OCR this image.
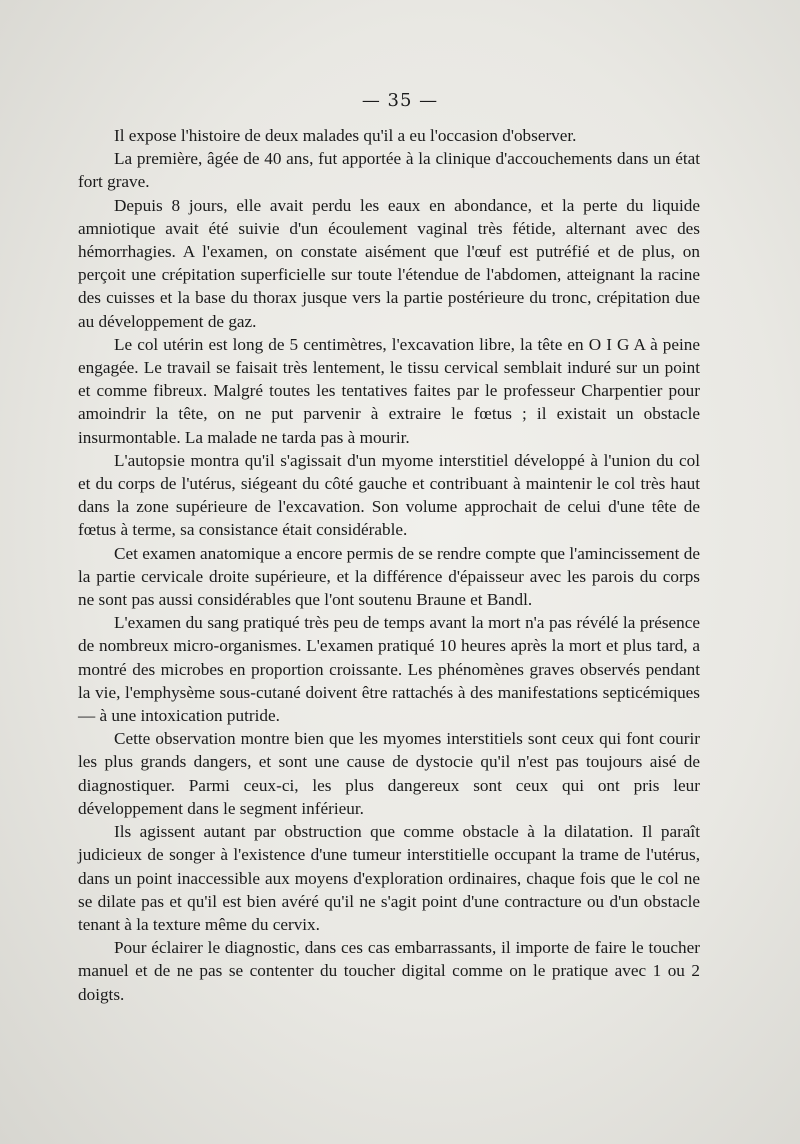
— 35 —

Il expose l'histoire de deux malades qu'il a eu l'occasion d'observer.

La première, âgée de 40 ans, fut apportée à la clinique d'accouchements dans un état fort grave.

Depuis 8 jours, elle avait perdu les eaux en abondance, et la perte du liquide amniotique avait été suivie d'un écoulement vaginal très fétide, alternant avec des hémorrhagies. A l'examen, on constate aisément que l'œuf est putréfié et de plus, on perçoit une crépitation superficielle sur toute l'étendue de l'abdomen, atteignant la racine des cuisses et la base du thorax jusque vers la partie postérieure du tronc, crépitation due au développement de gaz.

Le col utérin est long de 5 centimètres, l'excavation libre, la tête en O I G A à peine engagée. Le travail se faisait très lentement, le tissu cervical semblait induré sur un point et comme fibreux. Malgré toutes les tentatives faites par le professeur Charpentier pour amoindrir la tête, on ne put parvenir à extraire le fœtus ; il existait un obstacle insurmontable. La malade ne tarda pas à mourir.

L'autopsie montra qu'il s'agissait d'un myome interstitiel développé à l'union du col et du corps de l'utérus, siégeant du côté gauche et contribuant à maintenir le col très haut dans la zone supérieure de l'excavation. Son volume approchait de celui d'une tête de fœtus à terme, sa consistance était considérable.

Cet examen anatomique a encore permis de se rendre compte que l'amincissement de la partie cervicale droite supérieure, et la différence d'épaisseur avec les parois du corps ne sont pas aussi considérables que l'ont soutenu Braune et Bandl.

L'examen du sang pratiqué très peu de temps avant la mort n'a pas révélé la présence de nombreux micro-organismes. L'examen pratiqué 10 heures après la mort et plus tard, a montré des microbes en proportion croissante. Les phénomènes graves observés pendant la vie, l'emphysème sous-cutané doivent être rattachés à des manifestations septicémiques — à une intoxication putride.

Cette observation montre bien que les myomes interstitiels sont ceux qui font courir les plus grands dangers, et sont une cause de dystocie qu'il n'est pas toujours aisé de diagnostiquer. Parmi ceux-ci, les plus dangereux sont ceux qui ont pris leur développement dans le segment inférieur.

Ils agissent autant par obstruction que comme obstacle à la dilatation. Il paraît judicieux de songer à l'existence d'une tumeur interstitielle occupant la trame de l'utérus, dans un point inaccessible aux moyens d'exploration ordinaires, chaque fois que le col ne se dilate pas et qu'il est bien avéré qu'il ne s'agit point d'une contracture ou d'un obstacle tenant à la texture même du cervix.

Pour éclairer le diagnostic, dans ces cas embarrassants, il importe de faire le toucher manuel et de ne pas se contenter du toucher digital comme on le pratique avec 1 ou 2 doigts.
